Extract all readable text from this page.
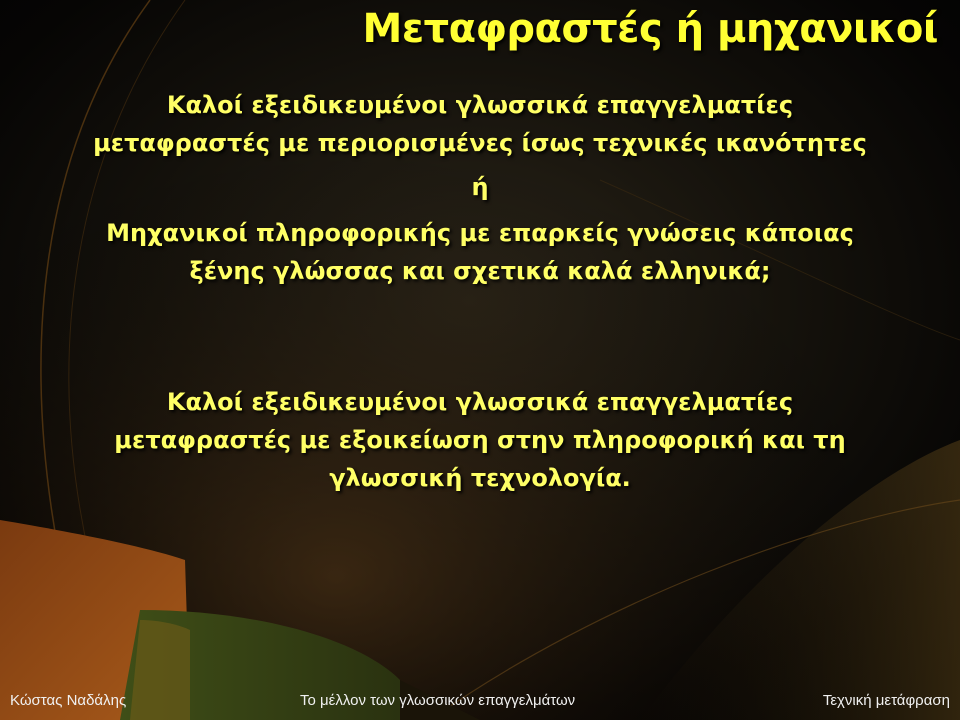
Μεταφραστές ή μηχανικοί

Καλοί εξειδικευμένοι γλωσσικά επαγγελματίες
μεταφραστές με περιορισμένες ίσως τεχνικές ικανότητες

ή

Μηχανικοί πληροφορικής με επαρκείς γνώσεις κάποιας
ξένης γλώσσας και σχετικά καλά ελληνικά;

Καλοί εξειδικευμένοι γλωσσικά επαγγελματίες
μεταφραστές με εξοικείωση στην πληροφορική και τη
γλωσσική τεχνολογία.

Κώστας Ναδάλης	Το μέλλον των γλωσσικών επαγγελμάτων	Τεχνική μετάφραση
